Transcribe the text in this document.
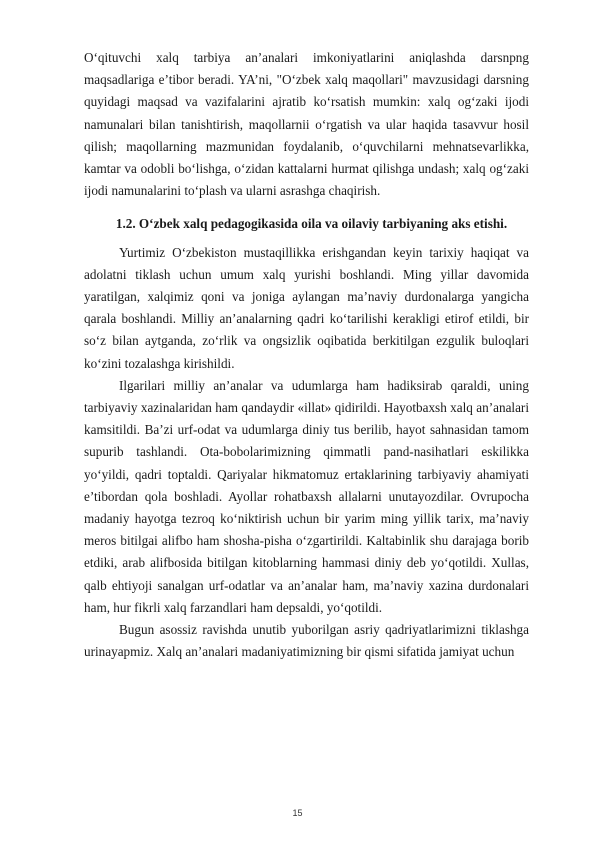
O‘qituvchi xalq tarbiya an’analari imkoniyatlarini aniqlashda darsnpng maqsadlariga e’tibor beradi. YA’ni, "O‘zbek xalq maqollari" mavzusidagi darsning quyidagi maqsad va vazifalarini ajratib ko‘rsatish mumkin: xalq og‘zaki ijodi namunalari bilan tanishtirish, maqollarnii o‘rgatish va ular haqida tasavvur hosil qilish; maqollarning mazmunidan foydalanib, o‘quvchilarni mehnatsevarlikka, kamtar va odobli bo‘lishga, o‘zidan kattalarni hurmat qilishga undash; xalq og‘zaki ijodi namunalarini to‘plash va ularni asrashga chaqirish.

1.2. O‘zbek xalq pedagogikasida oila va oilaviy tarbiyaning aks etishi.

Yurtimiz O‘zbekiston mustaqillikka erishgandan keyin tarixiy haqiqat va adolatni tiklash uchun umum xalq yurishi boshlandi. Ming yillar davomida yaratilgan, xalqimiz qoni va joniga aylangan ma’naviy durdonalarga yangicha qarala boshlandi. Milliy an’analarning qadri ko‘tarilishi kerakligi etirof etildi, bir so‘z bilan aytganda, zo‘rlik va ongsizlik oqibatida berkitilgan ezgulik buloqlari ko‘zini tozalashga kirishildi.

Ilgarilari milliy an’analar va udumlarga ham hadiksirab qaraldi, uning tarbiyaviy xazinalaridan ham qandaydir «illat» qidirildi. Hayotbaxsh xalq an’analari kamsitildi. Ba’zi urf-odat va udumlarga diniy tus berilib, hayot sahnasidan tamom supurib tashlandi. Ota-bobolarimizning qimmatli pand-nasihatlari eskilikka yo‘yildi, qadri toptaldi. Qariyalar hikmatomuz ertaklarining tarbiyaviy ahamiyati e’tibordan qola boshladi. Ayollar rohatbaxsh allalarni unutayozdilar. Ovrupocha madaniy hayotga tezroq ko‘niktirish uchun bir yarim ming yillik tarix, ma’naviy meros bitilgai alifbo ham shosha-pisha o‘zgartirildi. Kaltabinlik shu darajaga borib etdiki, arab alifbosida bitilgan kitoblarning hammasi diniy deb yo‘qotildi. Xullas, qalb ehtiyoji sanalgan urf-odatlar va an’analar ham, ma’naviy xazina durdonalari ham, hur fikrli xalq farzandlari ham depsaldi, yo‘qotildi.

Bugun asossiz ravishda unutib yuborilgan asriy qadriyatlarimizni tiklashga urinayapmiz. Xalq an’analari madaniyatimizning bir qismi sifatida jamiyat uchun

15
